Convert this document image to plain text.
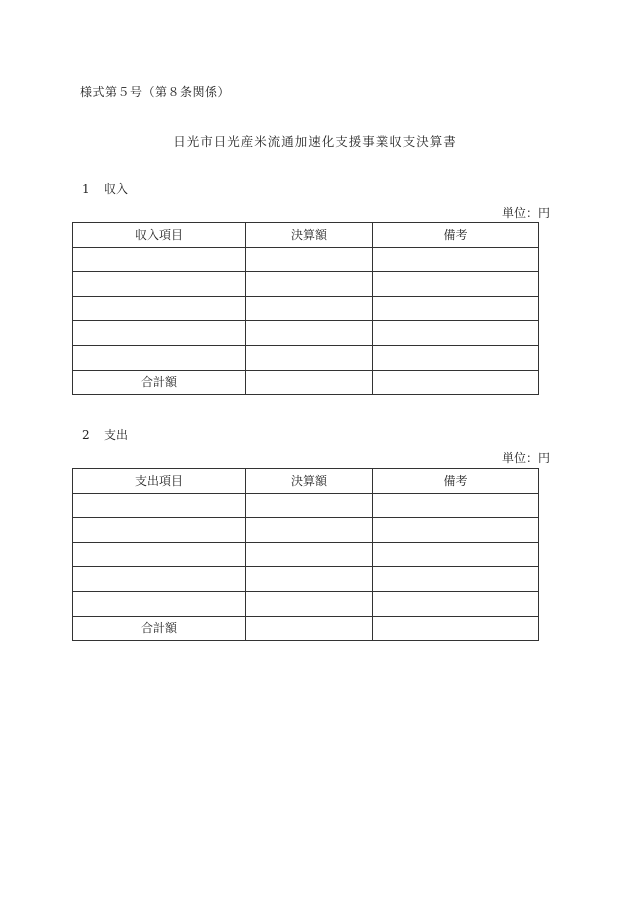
様式第５号（第８条関係）
日光市日光産米流通加速化支援事業収支決算書
1 収入
単位：円
収入項目	決算額	備考

合計額		
2 支出
単位：円
支出項目	決算額	備考

合計額		
